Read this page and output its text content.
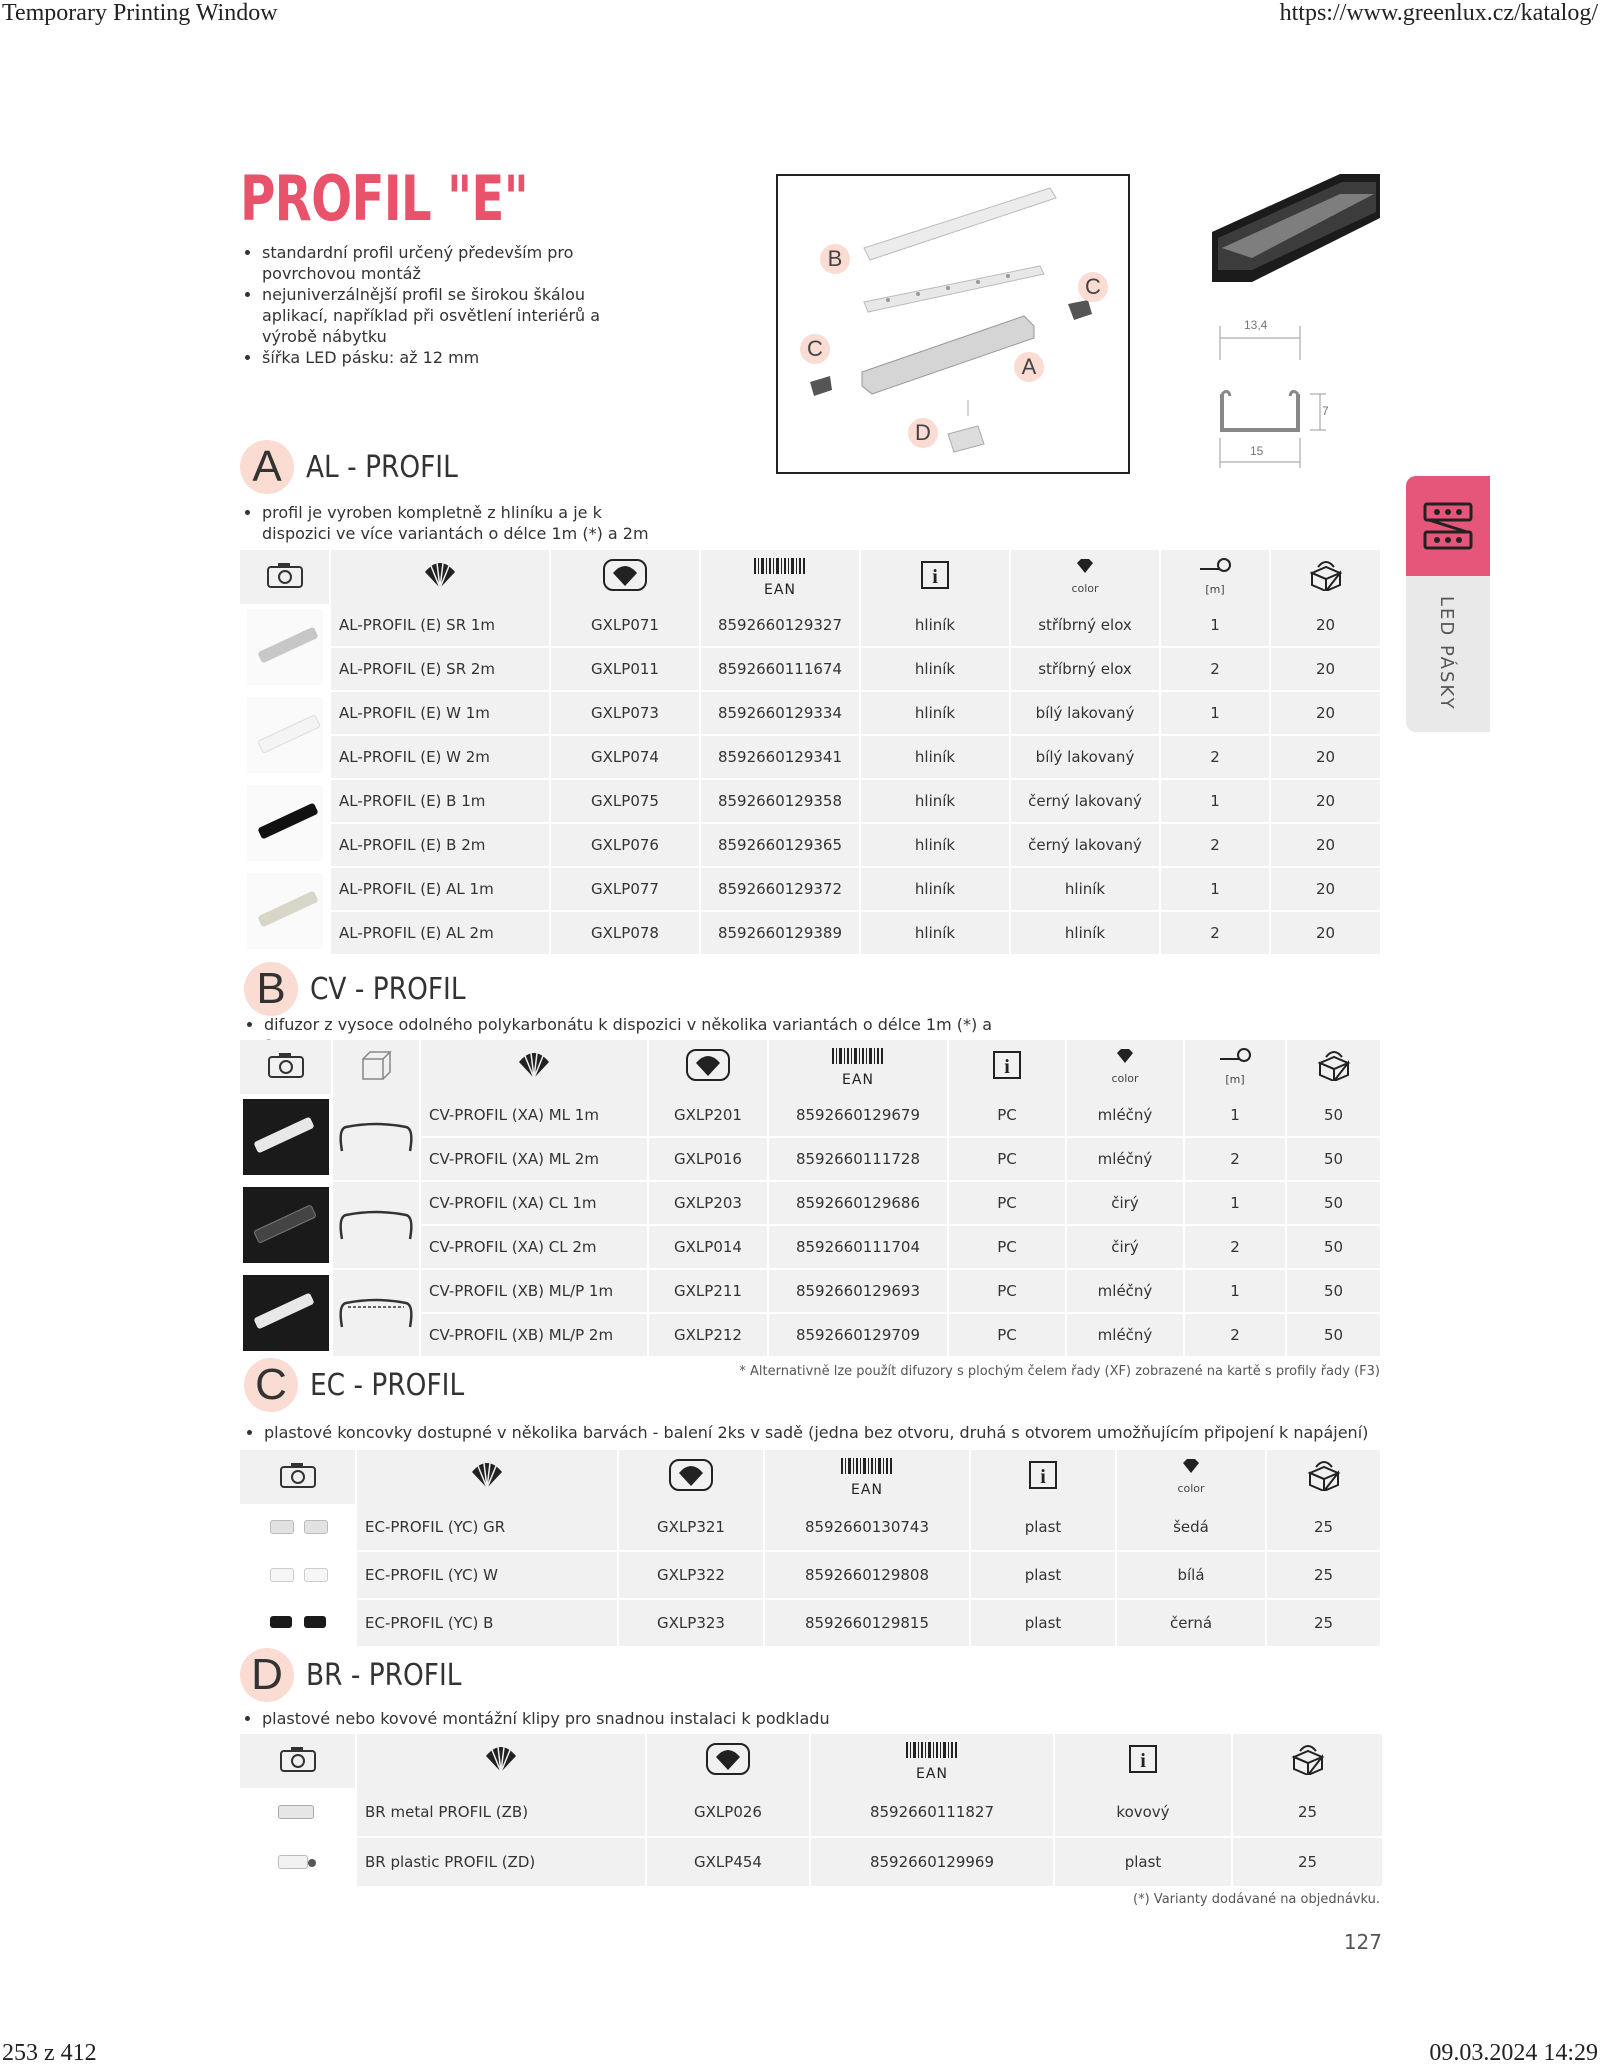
Temporary Printing Window	https://www.greenlux.cz/katalog/
253 z 412	09.03.2024 14:29
PROFIL "E"
• standardní profil určený především pro povrchovou montáž
• nejuniverzálnější profil se širokou škálou aplikací, například při osvětlení interiérů a výrobě nábytku
• šířka LED pásku: až 12 mm
B
C
C
A
D
13,4
7
15
LED PÁSKY
A AL - PROFIL
• profil je vyroben kompletně z hliníku a je k dispozici ve více variantách o délce 1m (*) a 2m

EAN	i	color	[m]	

	AL-PROFIL (E) SR 1m	GXLP071	8592660129327	hliník	stříbrný elox	1	20
	AL-PROFIL (E) SR 2m	GXLP011	8592660111674	hliník	stříbrný elox	2	20

	AL-PROFIL (E) W 1m	GXLP073	8592660129334	hliník	bílý lakovaný	1	20
	AL-PROFIL (E) W 2m	GXLP074	8592660129341	hliník	bílý lakovaný	2	20

	AL-PROFIL (E) B 1m	GXLP075	8592660129358	hliník	černý lakovaný	1	20
	AL-PROFIL (E) B 2m	GXLP076	8592660129365	hliník	černý lakovaný	2	20

	AL-PROFIL (E) AL 1m	GXLP077	8592660129372	hliník	hliník	1	20
	AL-PROFIL (E) AL 2m	GXLP078	8592660129389	hliník	hliník	2	20
B CV - PROFIL
• difuzor z vysoce odolného polykarbonátu k dispozici v několika variantách o délce 1m (*) a

EAN	i	color	[m]	

		CV-PROFIL (XA) ML 1m	GXLP201	8592660129679	PC	mléčný	1	50
		CV-PROFIL (XA) ML 2m	GXLP016	8592660111728	PC	mléčný	2	50

		CV-PROFIL (XA) CL 1m	GXLP203	8592660129686	PC	čirý	1	50
		CV-PROFIL (XA) CL 2m	GXLP014	8592660111704	PC	čirý	2	50

		CV-PROFIL (XB) ML/P 1m	GXLP211	8592660129693	PC	mléčný	1	50
		CV-PROFIL (XB) ML/P 2m	GXLP212	8592660129709	PC	mléčný	2	50
C EC - PROFIL	* Alternativně lze použít difuzory s plochým čelem řady (XF) zobrazené na kartě s profily řady (F3)
• plastové koncovky dostupné v několika barvách - balení 2ks v sadě (jedna bez otvoru, druhá s otvorem umožňujícím připojení k napájení)

EAN	i	color	

	EC-PROFIL (YC) GR	GXLP321	8592660130743	plast	šedá	25

	EC-PROFIL (YC) W	GXLP322	8592660129808	plast	bílá	25

	EC-PROFIL (YC) B	GXLP323	8592660129815	plast	černá	25
D BR - PROFIL
• plastové nebo kovové montážní klipy pro snadnou instalaci k podkladu

EAN	i

	BR metal PROFIL (ZB)	GXLP026	8592660111827	kovový	25

	BR plastic PROFIL (ZD)	GXLP454	8592660129969	plast	25
(*) Varianty dodávané na objednávku.
127
